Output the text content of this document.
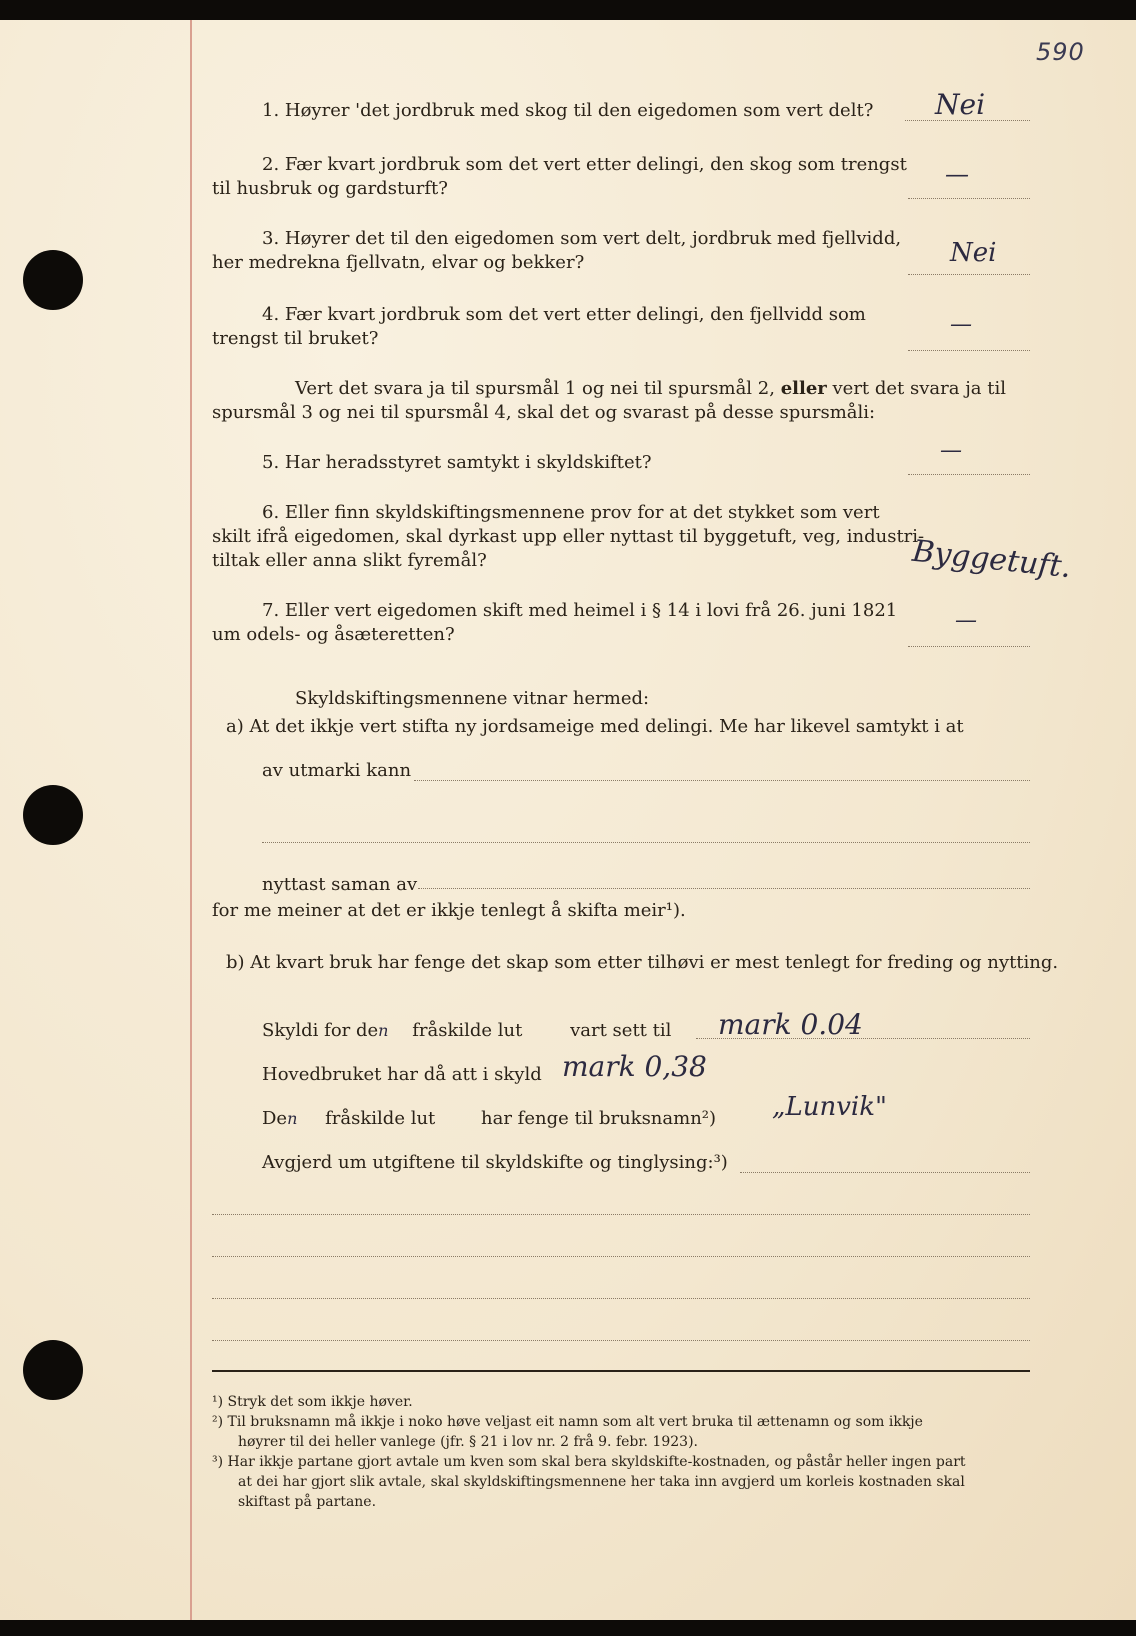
590
1. Høyrer 'det jordbruk med skog til den eigedomen som vert delt? Nei
2. Fær kvart jordbruk som det vert etter delingi, den skog som trengst
til husbruk og gardsturft?
—
3. Høyrer det til den eigedomen som vert delt, jordbruk med fjellvidd,
her medrekna fjellvatn, elvar og bekker?	Nei
4. Fær kvart jordbruk som det vert etter delingi, den fjellvidd som
trengst til bruket?
—
Vert det svara ja til spursmål 1 og nei til spursmål 2, eller vert det svara ja til
spursmål 3 og nei til spursmål 4, skal det og svarast på desse spursmåli:
5. Har heradsstyret samtykt i skyldskiftet?	—
6. Eller finn skyldskiftingsmennene prov for at det stykket som vert
skilt ifrå eigedomen, skal dyrkast upp eller nyttast til byggetuft, veg, industri-
tiltak eller anna slikt fyremål?	Byggetuft.
7. Eller vert eigedomen skift med heimel i § 14 i lovi frå 26. juni 1821
um odels- og åsæteretten?
—
Skyldskiftingsmennene vitnar hermed:
a) At det ikkje vert stifta ny jordsameige med delingi. Me har likevel samtykt i at
av utmarki kann
nyttast saman av
for me meiner at det er ikkje tenlegt å skifta meir¹).
b) At kvart bruk har fenge det skap som etter tilhøvi er mest tenlegt for freding og nytting.
Skyldi for den fråskilde lut	vart sett til mark 0.04
Hovedbruket har då att i skyld mark 0,38
Den fråskilde lut	har fenge til bruksnamn²) „Lunvik"
Avgjerd um utgiftene til skyldskifte og tinglysing:³)
¹) Stryk det som ikkje høver.
²) Til bruksnamn må ikkje i noko høve veljast eit namn som alt vert bruka til ættenamn og som ikkje
høyrer til dei heller vanlege (jfr. § 21 i lov nr. 2 frå 9. febr. 1923).
³) Har ikkje partane gjort avtale um kven som skal bera skyldskifte-kostnaden, og påstår heller ingen part
at dei har gjort slik avtale, skal skyldskiftingsmennene her taka inn avgjerd um korleis kostnaden skal
skiftast på partane.
